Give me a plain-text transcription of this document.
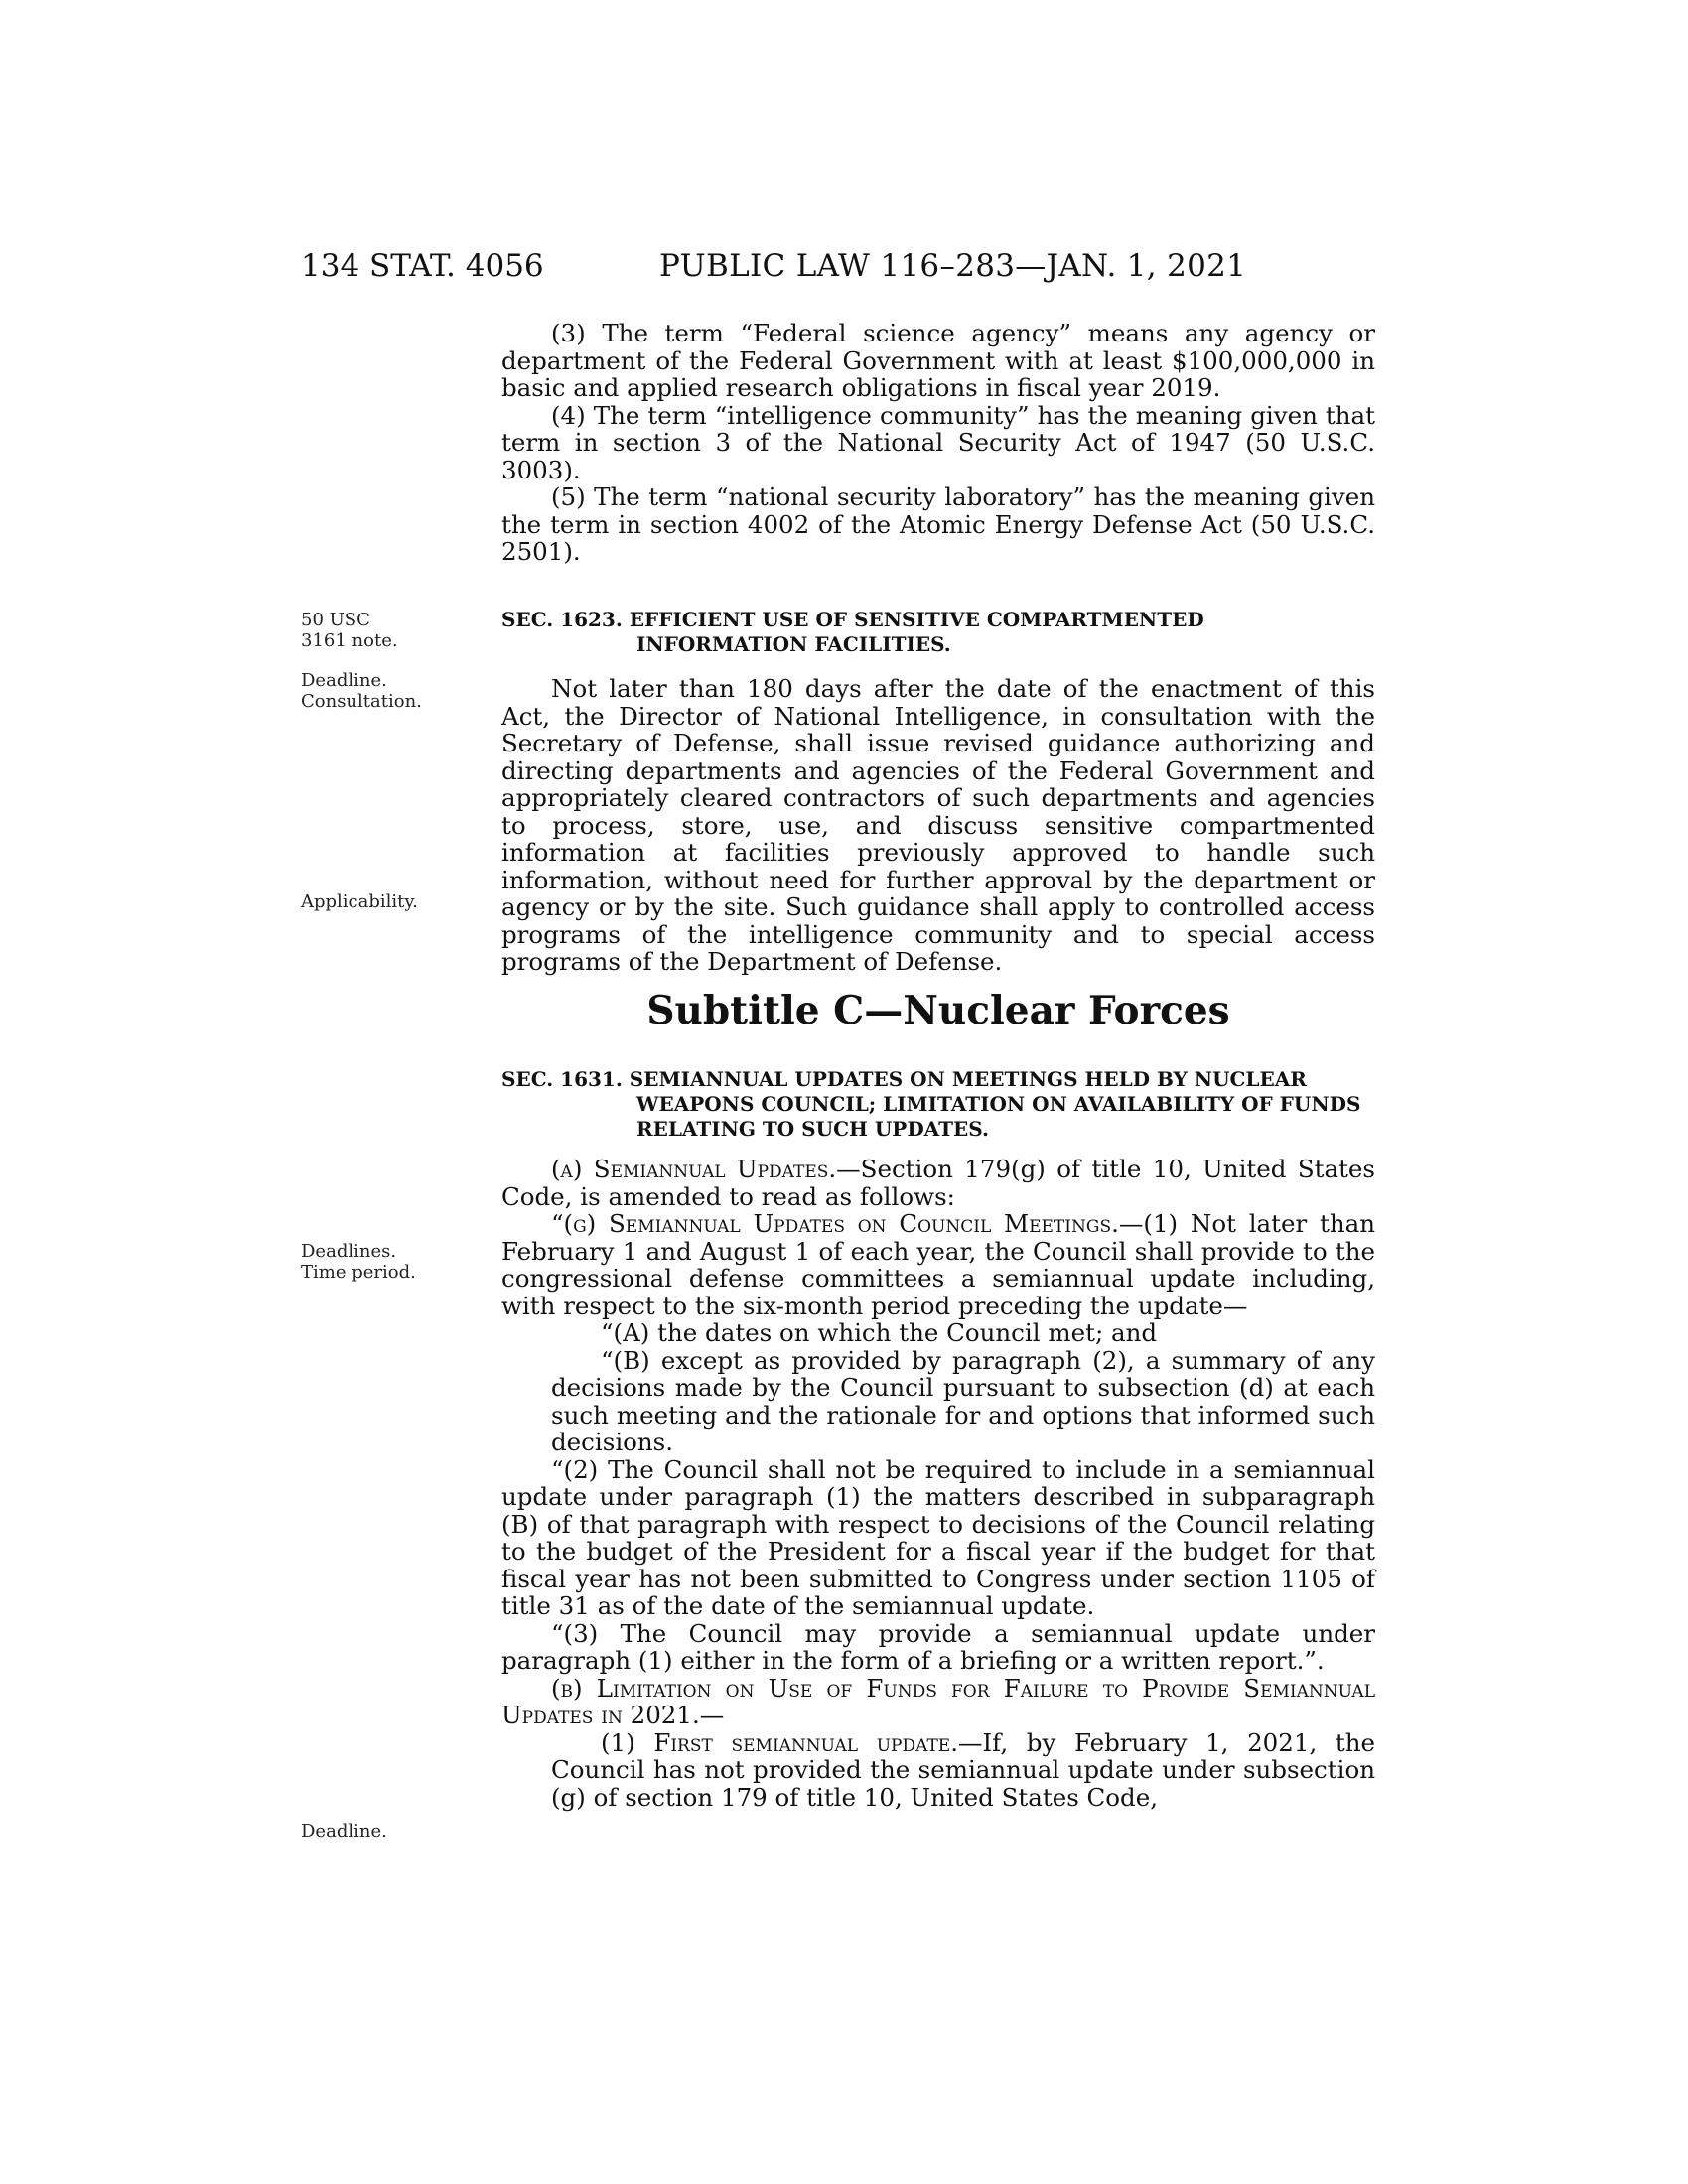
134 STAT. 4056	PUBLIC LAW 116–283—JAN. 1, 2021

(3) The term “Federal science agency” means any agency or department of the Federal Government with at least $100,000,000 in basic and applied research obligations in fiscal year 2019.

(4) The term “intelligence community” has the meaning given that term in section 3 of the National Security Act of 1947 (50 U.S.C. 3003).

(5) The term “national security laboratory” has the meaning given the term in section 4002 of the Atomic Energy Defense Act (50 U.S.C. 2501).

50 USC 3161 note.

SEC. 1623. EFFICIENT USE OF SENSITIVE COMPARTMENTED INFORMATION FACILITIES.

Not later than 180 days after the date of the enactment of this Act, the Director of National Intelligence, in consultation with the Secretary of Defense, shall issue revised guidance authorizing and directing departments and agencies of the Federal Government and appropriately cleared contractors of such departments and agencies to process, store, use, and discuss sensitive compartmented information at facilities previously approved to handle such information, without need for further approval by the department or agency or by the site. Such guidance shall apply to controlled access programs of the intelligence community and to special access programs of the Department of Defense.

Deadline.
Consultation.
Applicability.
Subtitle C—Nuclear Forces

SEC. 1631. SEMIANNUAL UPDATES ON MEETINGS HELD BY NUCLEAR WEAPONS COUNCIL; LIMITATION ON AVAILABILITY OF FUNDS RELATING TO SUCH UPDATES.

(a) Semiannual Updates.—Section 179(g) of title 10, United States Code, is amended to read as follows:

“(g) Semiannual Updates on Council Meetings.—(1) Not later than February 1 and August 1 of each year, the Council shall provide to the congressional defense committees a semiannual update including, with respect to the six-month period preceding the update—

“(A) the dates on which the Council met; and

“(B) except as provided by paragraph (2), a summary of any decisions made by the Council pursuant to subsection (d) at each such meeting and the rationale for and options that informed such decisions.

“(2) The Council shall not be required to include in a semiannual update under paragraph (1) the matters described in subparagraph (B) of that paragraph with respect to decisions of the Council relating to the budget of the President for a fiscal year if the budget for that fiscal year has not been submitted to Congress under section 1105 of title 31 as of the date of the semiannual update.

“(3) The Council may provide a semiannual update under paragraph (1) either in the form of a briefing or a written report.”.

(b) Limitation on Use of Funds for Failure to Provide Semiannual Updates in 2021.—

(1) First semiannual update.—If, by February 1, 2021, the Council has not provided the semiannual update under subsection (g) of section 179 of title 10, United States Code,

Deadlines.
Time period.
Deadline.
